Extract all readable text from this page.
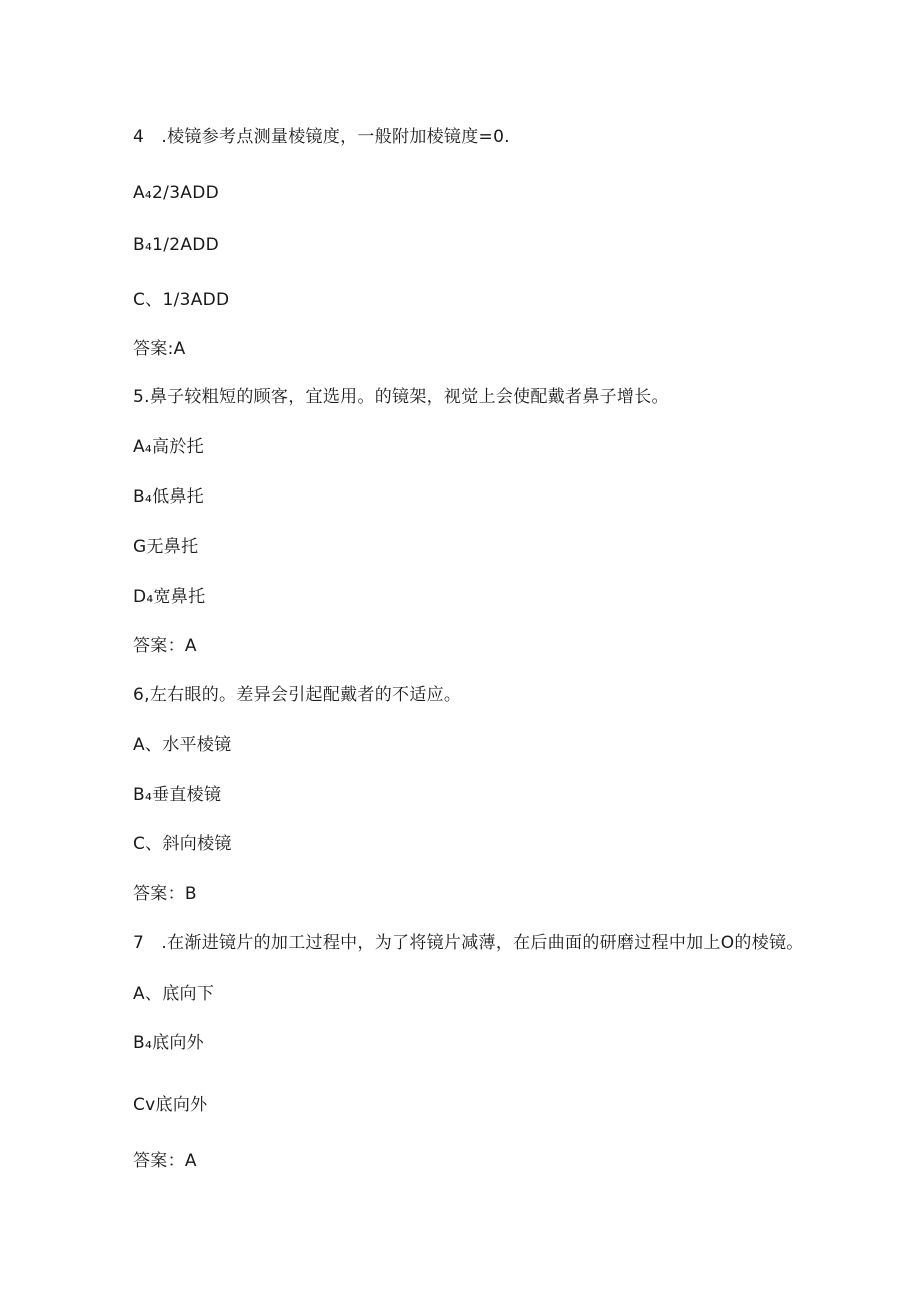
4　.棱镜参考点测量棱镜度，一般附加棱镜度=0.
A₄2/3ADD
B₄1/2ADD
C、1/3ADD
答案:A
5.鼻子较粗短的顾客，宜选用。的镜架，视觉上会使配戴者鼻子增长。
A₄高於托
B₄低鼻托
G无鼻托
D₄宽鼻托
答案：A
6,左右眼的。差异会引起配戴者的不适应。
A、水平棱镜
B₄垂直棱镜
C、斜向棱镜
答案：B
7　.在渐进镜片的加工过程中，为了将镜片减薄，在后曲面的研磨过程中加上O的棱镜。
A、底向下
B₄底向外
Cv底向外
答案：A
